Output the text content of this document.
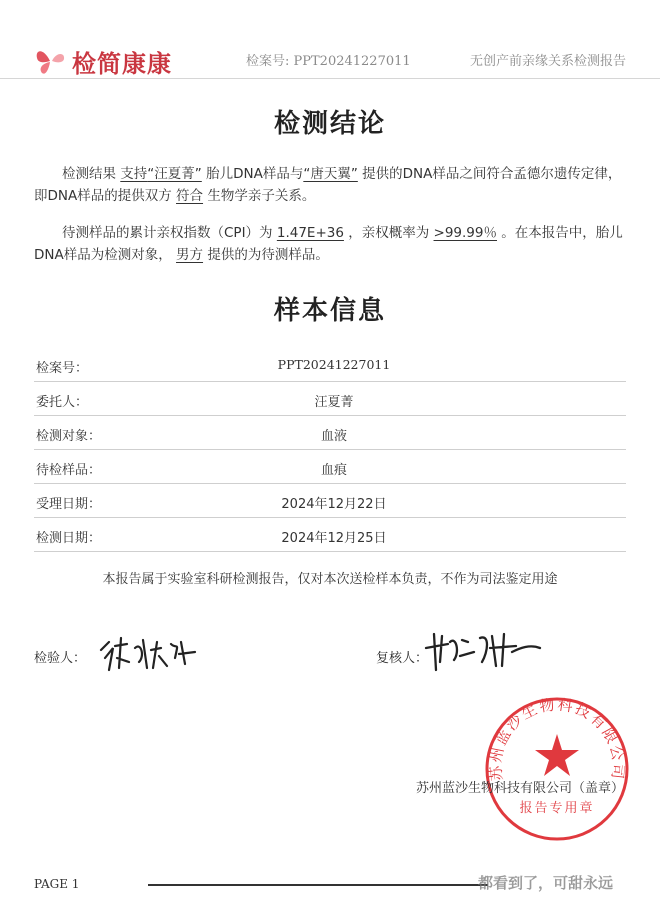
检简康康	检案号: PPT20241227011	无创产前亲缘关系检测报告
检测结论
检测结果 支持“汪夏菁” 胎儿DNA样品与“唐天翼” 提供的DNA样品之间符合孟德尔遗传定律，即DNA样品的提供双方 符合 生物学亲子关系。
待测样品的累计亲权指数（CPI）为 1.47E+36 ，亲权概率为 >99.99％ 。在本报告中，胎儿DNA样品为检测对象， 男方 提供的为待测样品。
样本信息
检案号：	PPT20241227011
委托人：	汪夏菁
检测对象：	血液
待检样品：	血痕
受理日期：	2024年12月22日
检测日期：	2024年12月25日
本报告属于实验室科研检测报告，仅对本次送检样本负责，不作为司法鉴定用途
检验人：	复核人：
苏州蓝沙生物科技有限公司
报告专用章
苏州蓝沙生物科技有限公司（盖章）
PAGE 1	都看到了，可甜永远
